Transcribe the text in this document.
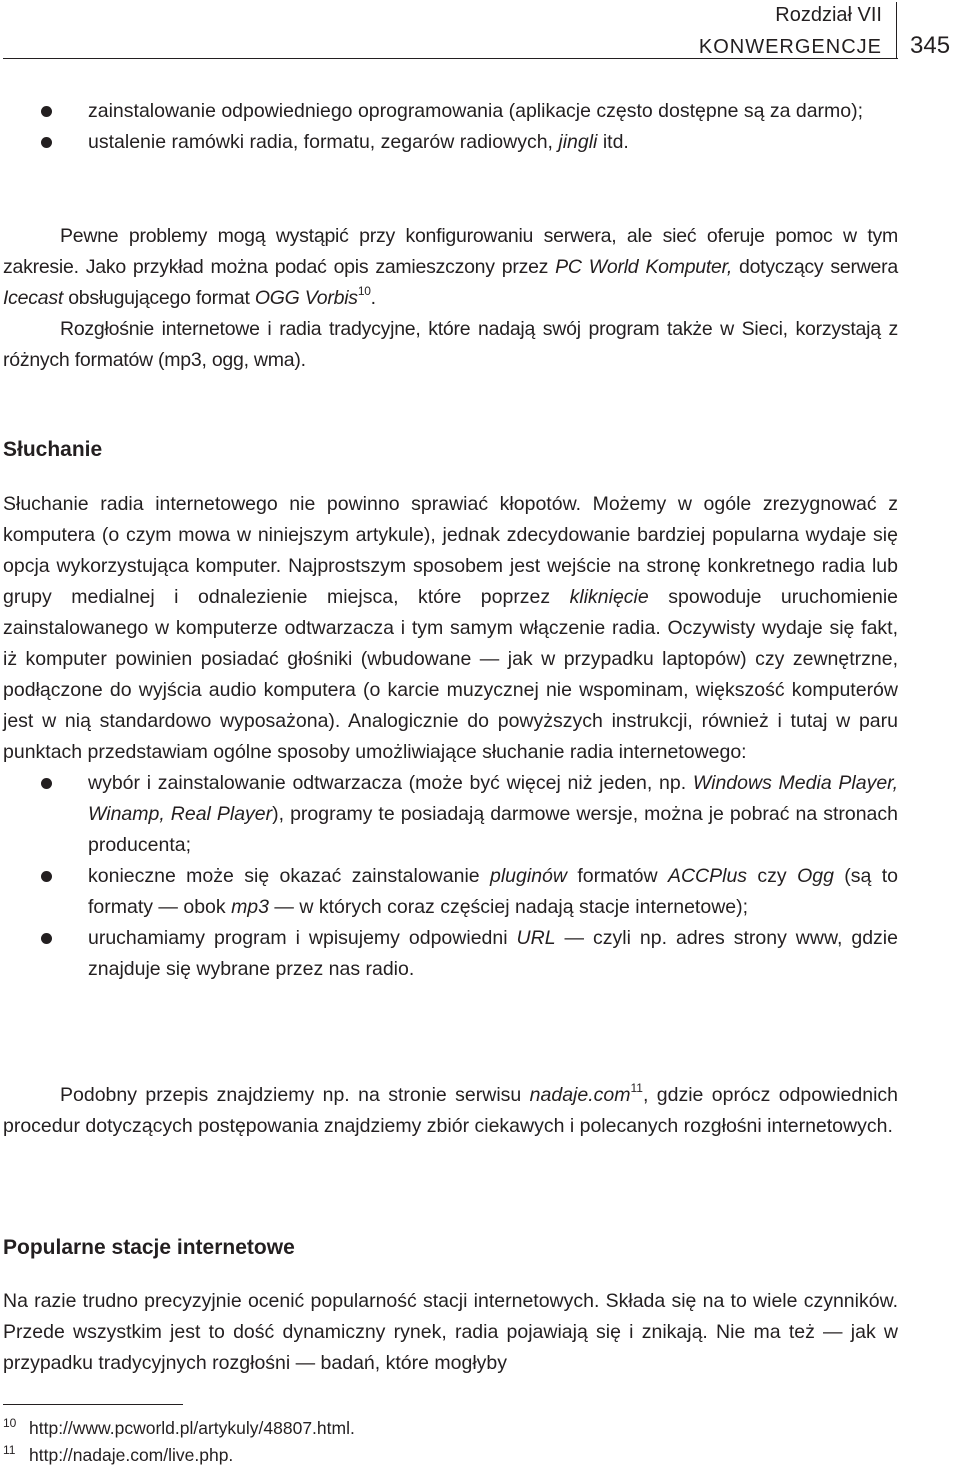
Rozdział VII
KONWERGENCJE 345
zainstalowanie odpowiedniego oprogramowania (aplikacje często dostępne są za darmo);
ustalenie ramówki radia, formatu, zegarów radiowych, jingli itd.

Pewne problemy mogą wystąpić przy konfigurowaniu serwera, ale sieć oferuje pomoc w tym zakresie. Jako przykład można podać opis zamieszczony przez PC World Komputer, dotyczący serwera Icecast obsługującego format OGG Vorbis$^{10}$.

Rozgłośnie internetowe i radia tradycyjne, które nadają swój program także w Sieci, korzystają z różnych formatów (mp3, ogg, wma).

Słuchanie

Słuchanie radia internetowego nie powinno sprawiać kłopotów. Możemy w ogóle zrezygnować z komputera (o czym mowa w niniejszym artykule), jednak zdecydowanie bardziej popularna wydaje się opcja wykorzystująca komputer. Najprostszym sposobem jest wejście na stronę konkretnego radia lub grupy medialnej i odnalezienie miejsca, które poprzez kliknięcie spowoduje uruchomienie zainstalowanego w komputerze odtwarzacza i tym samym włączenie radia. Oczywisty wydaje się fakt, iż komputer powinien posiadać głośniki (wbudowane — jak w przypadku laptopów) czy zewnętrzne, podłączone do wyjścia audio komputera (o karcie muzycznej nie wspominam, większość komputerów jest w nią standardowo wyposażona). Analogicznie do powyższych instrukcji, również i tutaj w paru punktach przedstawiam ogólne sposoby umożliwiające słuchanie radia internetowego:

wybór i zainstalowanie odtwarzacza (może być więcej niż jeden, np. Windows Media Player, Winamp, Real Player), programy te posiadają darmowe wersje, można je pobrać na stronach producenta;
konieczne może się okazać zainstalowanie pluginów formatów ACCPlus czy Ogg (są to formaty — obok mp3 — w których coraz częściej nadają stacje internetowe);
uruchamiamy program i wpisujemy odpowiedni URL — czyli np. adres strony www, gdzie znajduje się wybrane przez nas radio.

Podobny przepis znajdziemy np. na stronie serwisu nadaje.com$^{11}$, gdzie oprócz odpowiednich procedur dotyczących postępowania znajdziemy zbiór ciekawych i polecanych rozgłośni internetowych.

Popularne stacje internetowe

Na razie trudno precyzyjnie ocenić popularność stacji internetowych. Składa się na to wiele czynników. Przede wszystkim jest to dość dynamiczny rynek, radia pojawiają się i znikają. Nie ma też — jak w przypadku tradycyjnych rozgłośni — badań, które mogłyby

10 http://www.pcworld.pl/artykuly/48807.html.
11 http://nadaje.com/live.php.
